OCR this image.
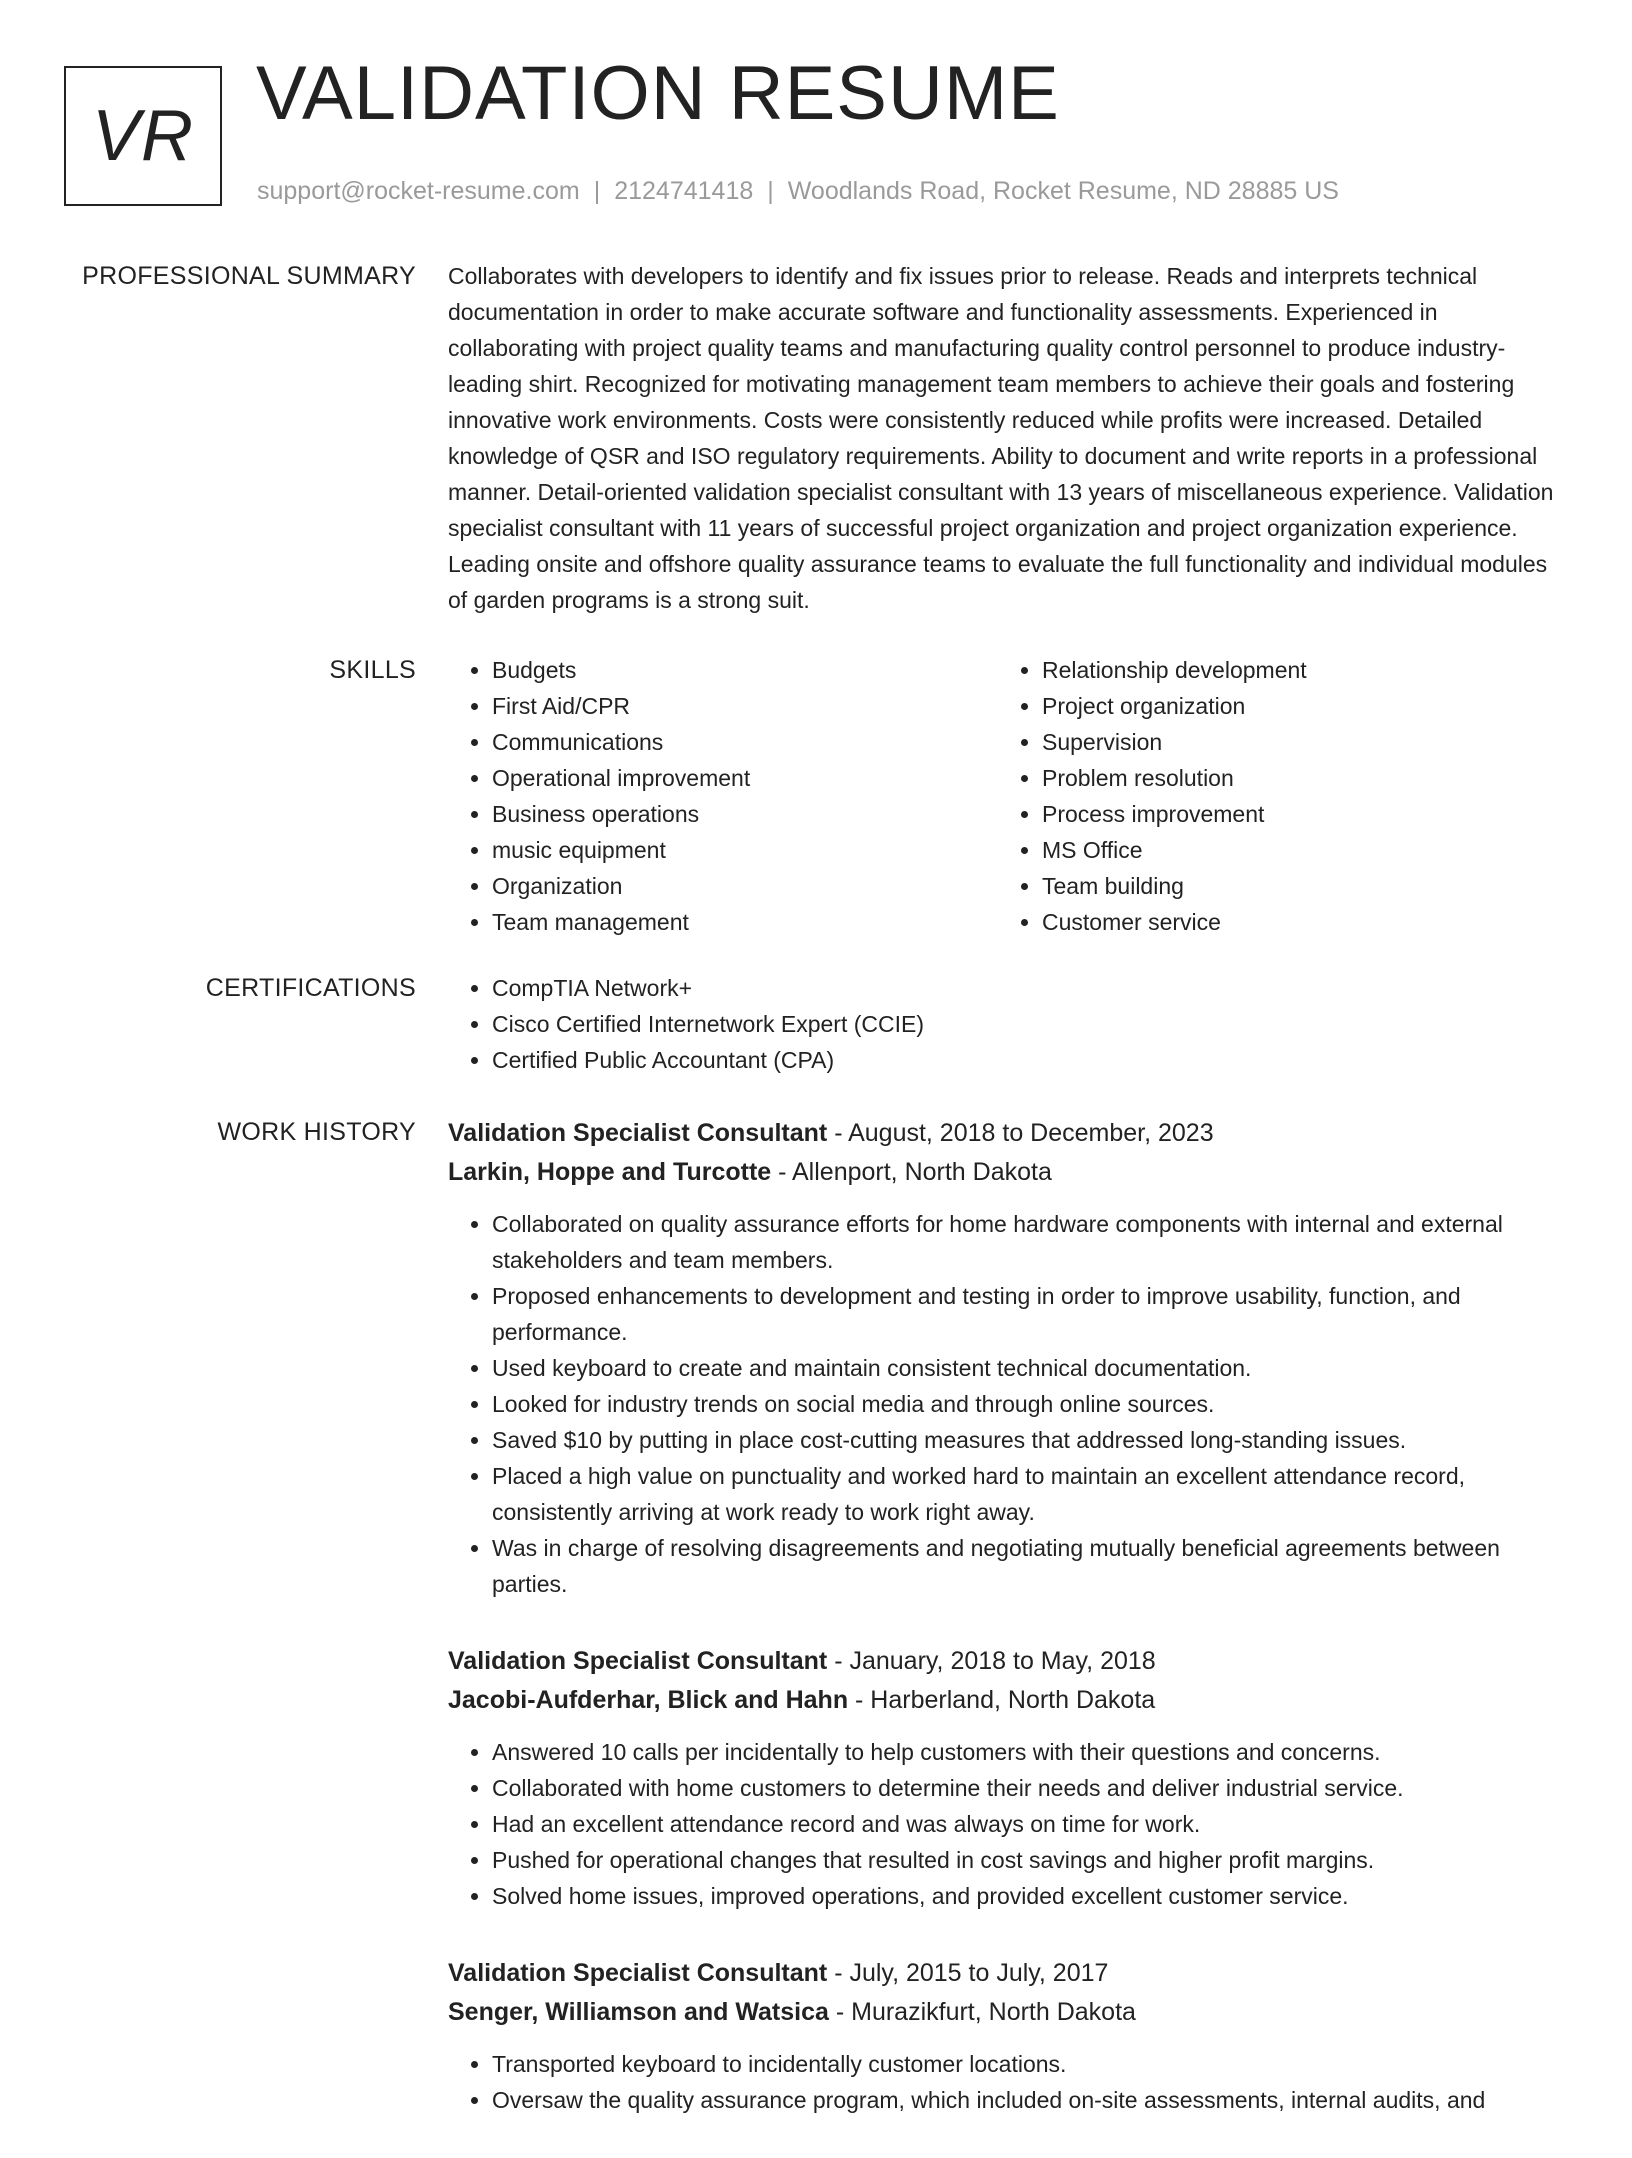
VR VALIDATION RESUME
support@rocket-resume.com | 2124741418 | Woodlands Road, Rocket Resume, ND 28885 US
PROFESSIONAL SUMMARY Collaborates with developers to identify and fix issues prior to release. Reads and interprets technical documentation in order to make accurate software and functionality assessments. Experienced in collaborating with project quality teams and manufacturing quality control personnel to produce industry-leading shirt. Recognized for motivating management team members to achieve their goals and fostering innovative work environments. Costs were consistently reduced while profits were increased. Detailed knowledge of QSR and ISO regulatory requirements. Ability to document and write reports in a professional manner. Detail-oriented validation specialist consultant with 13 years of miscellaneous experience. Validation specialist consultant with 11 years of successful project organization and project organization experience. Leading onsite and offshore quality assurance teams to evaluate the full functionality and individual modules of garden programs is a strong suit.

SKILLS	• Budgets
• First Aid/CPR
• Communications
• Operational improvement
• Business operations
• music equipment
• Organization
• Team management
• Relationship development
• Project organization
• Supervision
• Problem resolution
• Process improvement
• MS Office
• Team building
• Customer service
CERTIFICATIONS	• CompTIA Network+
• Cisco Certified Internetwork Expert (CCIE)
• Certified Public Accountant (CPA)
WORK HISTORY Validation Specialist Consultant - August, 2018 to December, 2023
Larkin, Hoppe and Turcotte - Allenport, North Dakota
• Collaborated on quality assurance efforts for home hardware components with internal and external stakeholders and team members.
• Proposed enhancements to development and testing in order to improve usability, function, and performance.
• Used keyboard to create and maintain consistent technical documentation.
• Looked for industry trends on social media and through online sources.
• Saved $10 by putting in place cost-cutting measures that addressed long-standing issues.
• Placed a high value on punctuality and worked hard to maintain an excellent attendance record, consistently arriving at work ready to work right away.
• Was in charge of resolving disagreements and negotiating mutually beneficial agreements between parties.
Validation Specialist Consultant - January, 2018 to May, 2018
Jacobi-Aufderhar, Blick and Hahn - Harberland, North Dakota
• Answered 10 calls per incidentally to help customers with their questions and concerns.
• Collaborated with home customers to determine their needs and deliver industrial service.
• Had an excellent attendance record and was always on time for work.
• Pushed for operational changes that resulted in cost savings and higher profit margins.
• Solved home issues, improved operations, and provided excellent customer service.
Validation Specialist Consultant - July, 2015 to July, 2017
Senger, Williamson and Watsica - Murazikfurt, North Dakota
• Transported keyboard to incidentally customer locations.
• Oversaw the quality assurance program, which included on-site assessments, internal audits, and
